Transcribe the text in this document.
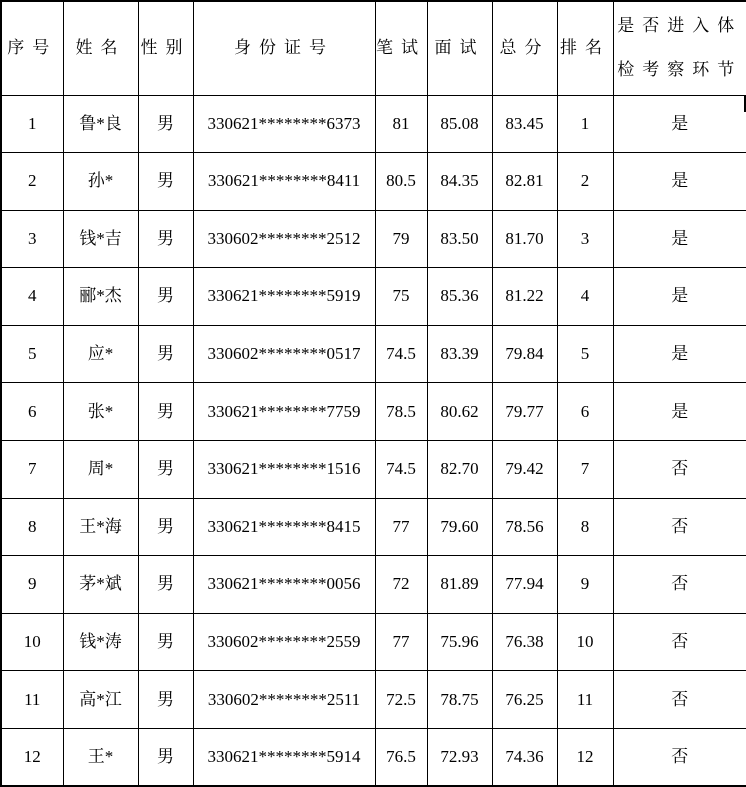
序号	姓名	性别	身份证号	笔试	面试	总分	排名	是否进入体检考察环节
1	鲁*良	男	330621********6373	81	85.08	83.45	1	是
2	孙*	男	330621********8411	80.5	84.35	82.81	2	是
3	钱*吉	男	330602********2512	79	83.50	81.70	3	是
4	郦*杰	男	330621********5919	75	85.36	81.22	4	是
5	应*	男	330602********0517	74.5	83.39	79.84	5	是
6	张*	男	330621********7759	78.5	80.62	79.77	6	是
7	周*	男	330621********1516	74.5	82.70	79.42	7	否
8	王*海	男	330621********8415	77	79.60	78.56	8	否
9	茅*斌	男	330621********0056	72	81.89	77.94	9	否
10	钱*涛	男	330602********2559	77	75.96	76.38	10	否
11	高*江	男	330602********2511	72.5	78.75	76.25	11	否
12	王*	男	330621********5914	76.5	72.93	74.36	12	否
